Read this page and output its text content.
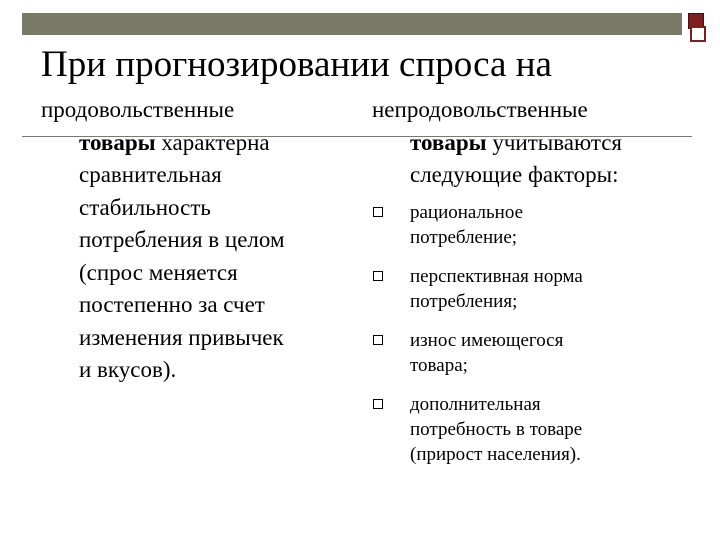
При прогнозировании спроса на
продовольственные
товары характерна
сравнительная
стабильность
потребления в целом
(спрос меняется
постепенно за счет
изменения привычек
и вкусов).
непродовольственные
товары учитываются
следующие факторы:
рациональное
потребление;
перспективная норма
потребления;
износ имеющегося
товара;
дополнительная
потребность в товаре
(прирост населения).
